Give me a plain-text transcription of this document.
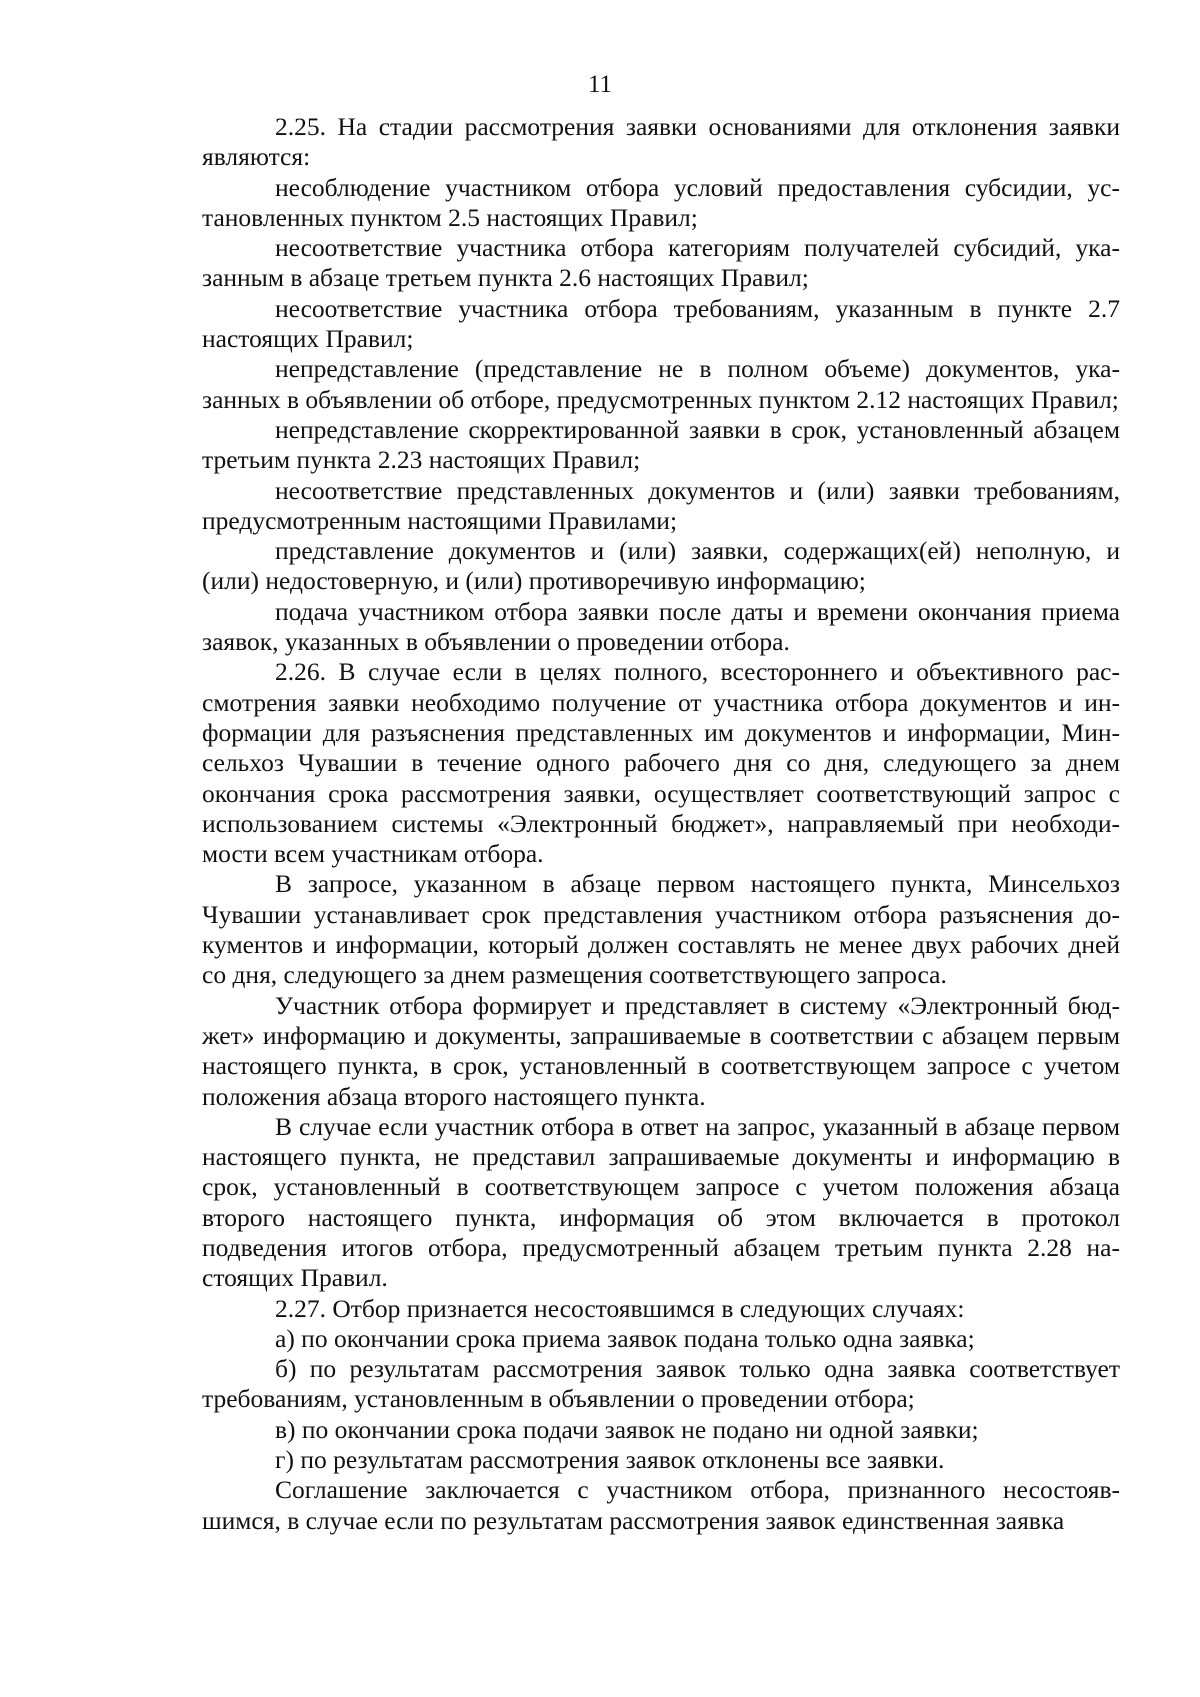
11

2.25. На стадии рассмотрения заявки основаниями для отклонения заявки являются:

несоблюдение участником отбора условий предоставления субсидии, установленных пунктом 2.5 настоящих Правил;

несоответствие участника отбора категориям получателей субсидий, указанным в абзаце третьем пункта 2.6 настоящих Правил;

несоответствие участника отбора требованиям, указанным в пункте 2.7 настоящих Правил;

непредставление (представление не в полном объеме) документов, указанных в объявлении об отборе, предусмотренных пунктом 2.12 настоящих Правил;

непредставление скорректированной заявки в срок, установленный абзацем третьим пункта 2.23 настоящих Правил;

несоответствие представленных документов и (или) заявки требованиям, предусмотренным настоящими Правилами;

представление документов и (или) заявки, содержащих(ей) неполную, и (или) недостоверную, и (или) противоречивую информацию;

подача участником отбора заявки после даты и времени окончания приема заявок, указанных в объявлении о проведении отбора.

2.26. В случае если в целях полного, всестороннего и объективного рассмотрения заявки необходимо получение от участника отбора документов и информации для разъяснения представленных им документов и информации, Минсельхоз Чувашии в течение одного рабочего дня со дня, следующего за днем окончания срока рассмотрения заявки, осуществляет соответствующий запрос с использованием системы «Электронный бюджет», направляемый при необходимости всем участникам отбора.

В запросе, указанном в абзаце первом настоящего пункта, Минсельхоз Чувашии устанавливает срок представления участником отбора разъяснения документов и информации, который должен составлять не менее двух рабочих дней со дня, следующего за днем размещения соответствующего запроса.

Участник отбора формирует и представляет в систему «Электронный бюджет» информацию и документы, запрашиваемые в соответствии с абзацем первым настоящего пункта, в срок, установленный в соответствующем запросе с учетом положения абзаца второго настоящего пункта.

В случае если участник отбора в ответ на запрос, указанный в абзаце первом настоящего пункта, не представил запрашиваемые документы и информацию в срок, установленный в соответствующем запросе с учетом положения абзаца второго настоящего пункта, информация об этом включается в протокол подведения итогов отбора, предусмотренный абзацем третьим пункта 2.28 настоящих Правил.

2.27. Отбор признается несостоявшимся в следующих случаях:

а) по окончании срока приема заявок подана только одна заявка;

б) по результатам рассмотрения заявок только одна заявка соответствует требованиям, установленным в объявлении о проведении отбора;

в) по окончании срока подачи заявок не подано ни одной заявки;

г) по результатам рассмотрения заявок отклонены все заявки.

Соглашение заключается с участником отбора, признанного несостоявшимся, в случае если по результатам рассмотрения заявок единственная заявка
